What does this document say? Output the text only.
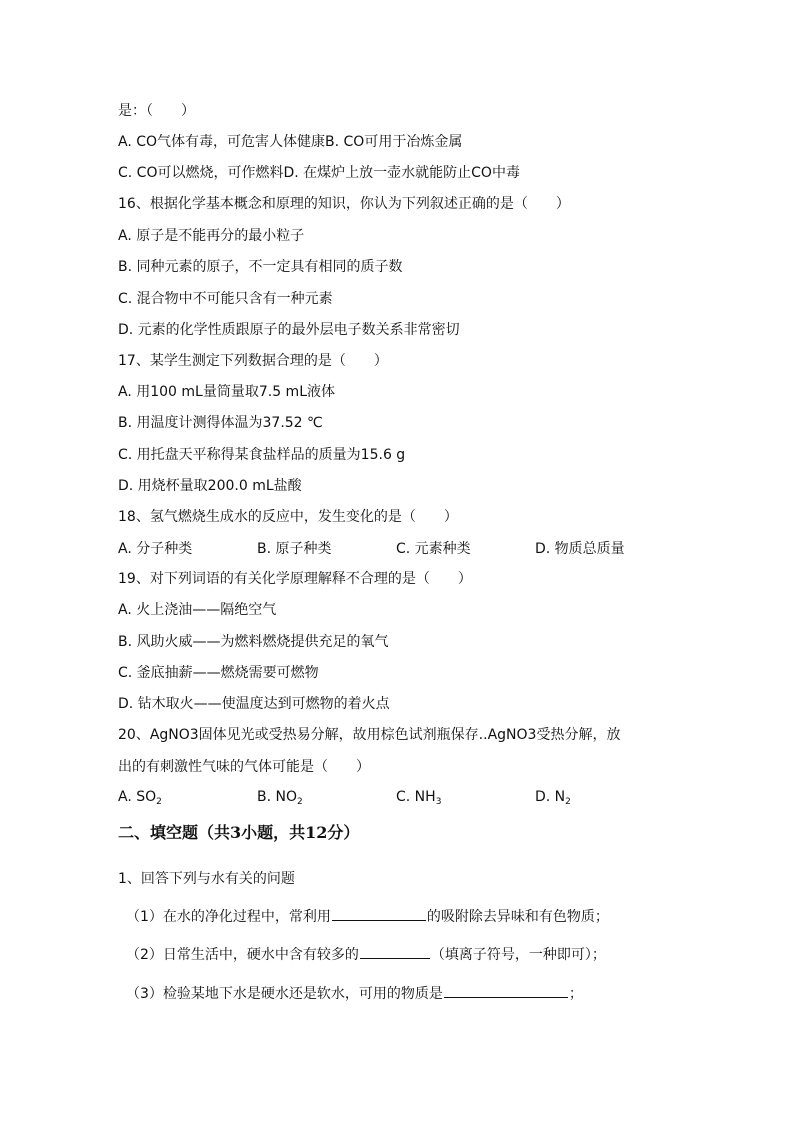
是：（　　）
A. CO气体有毒，可危害人体健康B. CO可用于冶炼金属
C. CO可以燃烧，可作燃料D. 在煤炉上放一壶水就能防止CO中毒
16、根据化学基本概念和原理的知识，你认为下列叙述正确的是（　　）
A. 原子是不能再分的最小粒子
B. 同种元素的原子，不一定具有相同的质子数
C. 混合物中不可能只含有一种元素
D. 元素的化学性质跟原子的最外层电子数关系非常密切
17、某学生测定下列数据合理的是（　　）
A. 用100 mL量筒量取7.5 mL液体
B. 用温度计测得体温为37.52 ℃
C. 用托盘天平称得某食盐样品的质量为15.6 g
D. 用烧杯量取200.0 mL盐酸
18、氢气燃烧生成水的反应中，发生变化的是（　　）
A. 分子种类	B. 原子种类	C. 元素种类	D. 物质总质量
19、对下列词语的有关化学原理解释不合理的是（　　）
A. 火上浇油——隔绝空气
B. 风助火威——为燃料燃烧提供充足的氧气
C. 釜底抽薪——燃烧需要可燃物
D. 钻木取火——使温度达到可燃物的着火点
20、AgNO3固体见光或受热易分解，故用棕色试剂瓶保存..AgNO3受热分解，放
出的有刺激性气味的气体可能是（　　）
A. $SO_2$	B. $NO_2$	C. $NH_3$	D. $N_2$
二、填空题（共3小题，共12分）
1、回答下列与水有关的问题
（1）在水的净化过程中，常利用	的吸附除去异味和有色物质；
（2）日常生活中，硬水中含有较多的	（填离子符号，一种即可）；
（3）检验某地下水是硬水还是软水，可用的物质是	；
